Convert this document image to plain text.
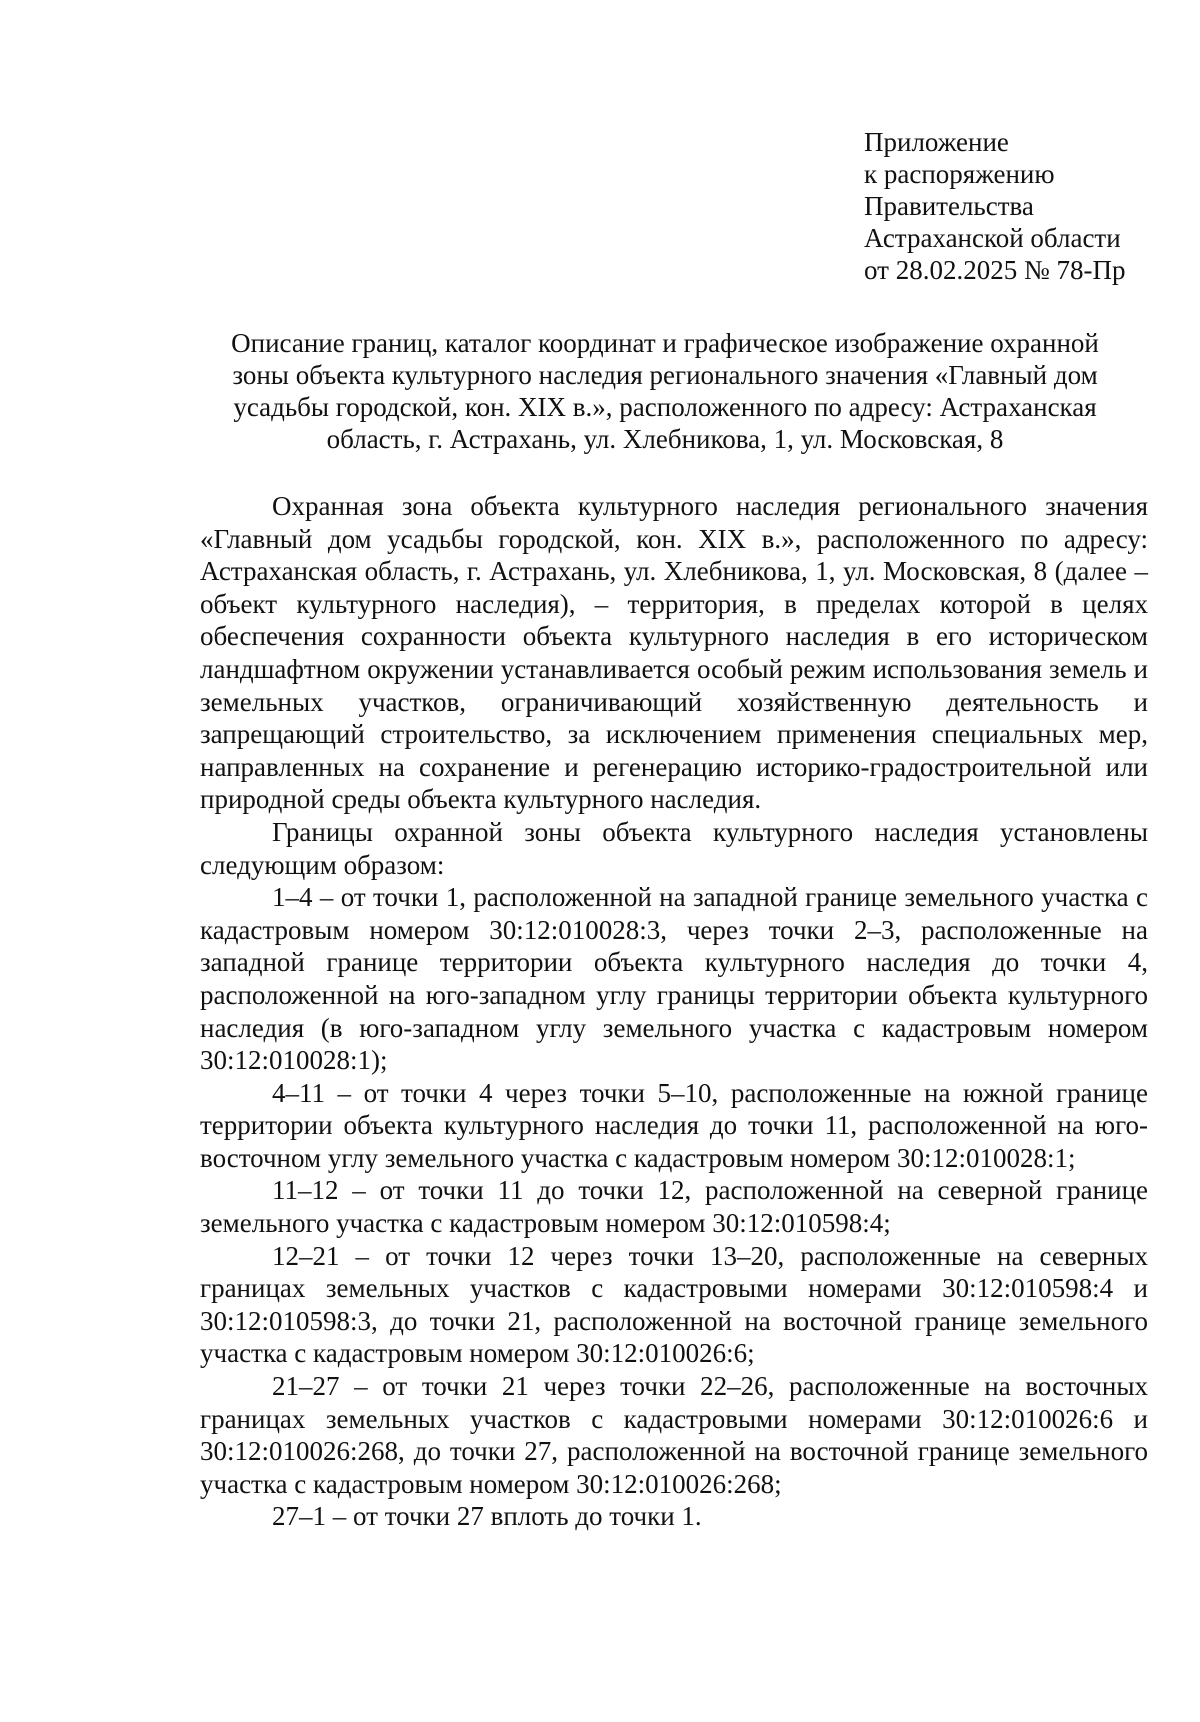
Приложение
к распоряжению
Правительства
Астраханской области
от 28.02.2025 № 78-Пр
Описание границ, каталог координат и графическое изображение охранной
зоны объекта культурного наследия регионального значения «Главный дом
усадьбы городской, кон. XIX в.», расположенного по адресу: Астраханская
область, г. Астрахань, ул. Хлебникова, 1, ул. Московская, 8

Охранная зона объекта культурного наследия регионального значения «Главный дом усадьбы городской, кон. XIX в.», расположенного по адресу: Астраханская область, г. Астрахань, ул. Хлебникова, 1, ул. Московская, 8 (далее – объект культурного наследия), – территория, в пределах которой в целях обеспечения сохранности объекта культурного наследия в его историческом ландшафтном окружении устанавливается особый режим использования земель и земельных участков, ограничивающий хозяйственную деятельность и запрещающий строительство, за исключением применения специальных мер, направленных на сохранение и регенерацию историко-градостроительной или природной среды объекта культурного наследия.

Границы охранной зоны объекта культурного наследия установлены следующим образом:

1–4 – от точки 1, расположенной на западной границе земельного участка с кадастровым номером 30:12:010028:3, через точки 2–3, расположенные на западной границе территории объекта культурного наследия до точки 4, расположенной на юго-западном углу границы территории объекта культурного наследия (в юго-западном углу земельного участка с кадастровым номером 30:12:010028:1);

4–11 – от точки 4 через точки 5–10, расположенные на южной границе территории объекта культурного наследия до точки 11, расположенной на юго-восточном углу земельного участка с кадастровым номером 30:12:010028:1;

11–12 – от точки 11 до точки 12, расположенной на северной границе земельного участка с кадастровым номером 30:12:010598:4;

12–21 – от точки 12 через точки 13–20, расположенные на северных границах земельных участков с кадастровыми номерами 30:12:010598:4 и 30:12:010598:3, до точки 21, расположенной на восточной границе земельного участка с кадастровым номером 30:12:010026:6;

21–27 – от точки 21 через точки 22–26, расположенные на восточных границах земельных участков с кадастровыми номерами 30:12:010026:6 и 30:12:010026:268, до точки 27, расположенной на восточной границе земельного участка с кадастровым номером 30:12:010026:268;

27–1 – от точки 27 вплоть до точки 1.
